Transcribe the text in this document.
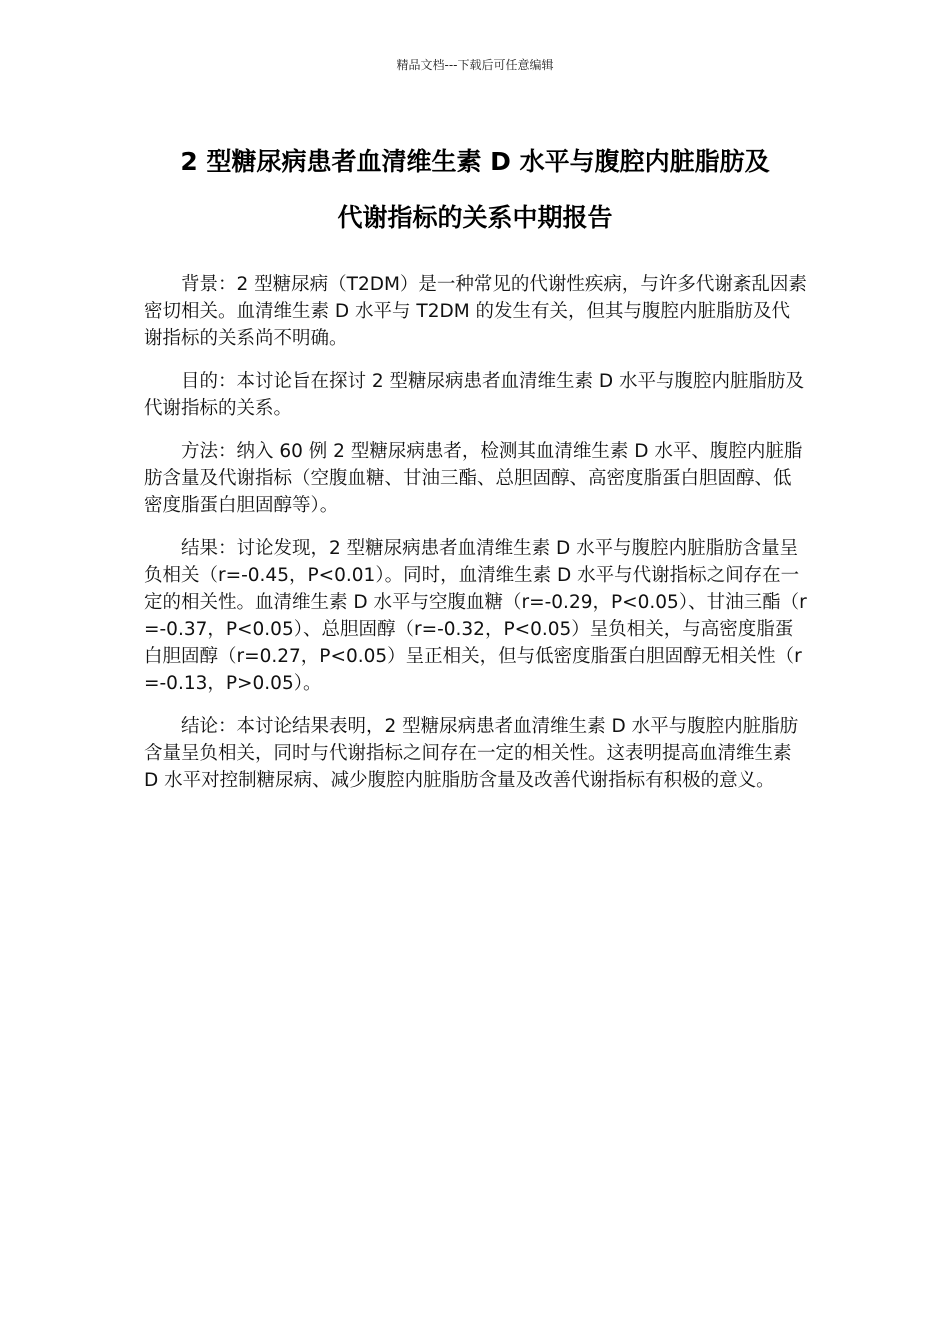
精品文档---下载后可任意编辑
2 型糖尿病患者血清维生素 D 水平与腹腔内脏脂肪及
代谢指标的关系中期报告

背景：2 型糖尿病（T2DM）是一种常见的代谢性疾病，与许多代谢紊乱因素密切相关。血清维生素 D 水平与 T2DM 的发生有关，但其与腹腔内脏脂肪及代谢指标的关系尚不明确。

目的：本讨论旨在探讨 2 型糖尿病患者血清维生素 D 水平与腹腔内脏脂肪及代谢指标的关系。

方法：纳入 60 例 2 型糖尿病患者，检测其血清维生素 D 水平、腹腔内脏脂肪含量及代谢指标（空腹血糖、甘油三酯、总胆固醇、高密度脂蛋白胆固醇、低密度脂蛋白胆固醇等）。

结果：讨论发现，2 型糖尿病患者血清维生素 D 水平与腹腔内脏脂肪含量呈负相关（r=-0.45，P<0.01）。同时，血清维生素 D 水平与代谢指标之间存在一定的相关性。血清维生素 D 水平与空腹血糖（r=-0.29，P<0.05）、甘油三酯（r=-0.37，P<0.05）、总胆固醇（r=-0.32，P<0.05）呈负相关，与高密度脂蛋白胆固醇（r=0.27，P<0.05）呈正相关，但与低密度脂蛋白胆固醇无相关性（r=-0.13，P>0.05）。

结论：本讨论结果表明，2 型糖尿病患者血清维生素 D 水平与腹腔内脏脂肪含量呈负相关，同时与代谢指标之间存在一定的相关性。这表明提高血清维生素 D 水平对控制糖尿病、减少腹腔内脏脂肪含量及改善代谢指标有积极的意义。
